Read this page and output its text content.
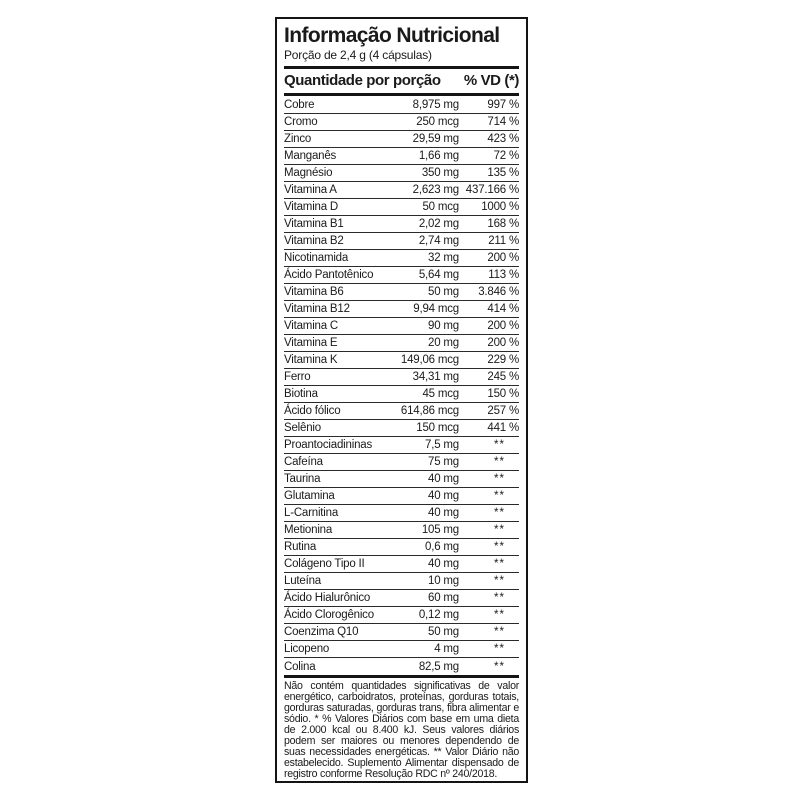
Informação Nutricional
Porção de 2,4 g (4 cápsulas)
Quantidade por porção % VD (*)
Cobre	8,975 mg	997 %
Cromo	250 mcg	714 %
Zinco	29,59 mg	423 %
Manganês	1,66 mg	72 %
Magnésio	350 mg	135 %
Vitamina A	2,623 mg 437.166 %
Vitamina D	50 mcg	1000 %
Vitamina B1	2,02 mg	168 %
Vitamina B2	2,74 mg	211 %
Nicotinamida	32 mg	200 %
Ácido Pantotênico	5,64 mg	113 %
Vitamina B6	50 mg	3.846 %
Vitamina B12	9,94 mcg	414 %
Vitamina C	90 mg	200 %
Vitamina E	20 mg	200 %
Vitamina K	149,06 mcg	229 %
Ferro	34,31 mg	245 %
Biotina	45 mcg	150 %
Ácido fólico	614,86 mcg	257 %
Selênio	150 mcg	441 %
Proantociadininas	7,5 mg	**
Cafeína	75 mg	**
Taurina	40 mg	**
Glutamina	40 mg	**
L-Carnitina	40 mg	**
Metionina	105 mg	**
Rutina	0,6 mg	**
Colágeno Tipo II	40 mg	**
Luteína	10 mg	**
Ácido Hialurônico	60 mg	**
Ácido Clorogênico	0,12 mg	**
Coenzima Q10	50 mg	**
Licopeno	4 mg	**
Colina	82,5 mg	**
Não contém quantidades significativas de valor energético, carboidratos, proteínas, gorduras totais, gorduras saturadas, gorduras trans, fibra alimentar e sódio. * % Valores Diários com base em uma dieta de 2.000 kcal ou 8.400 kJ. Seus valores diários podem ser maiores ou menores dependendo de suas necessidades energéticas. ** Valor Diário não estabelecido. Suplemento Alimentar dispensado de registro conforme Resolução RDC nº 240/2018.
